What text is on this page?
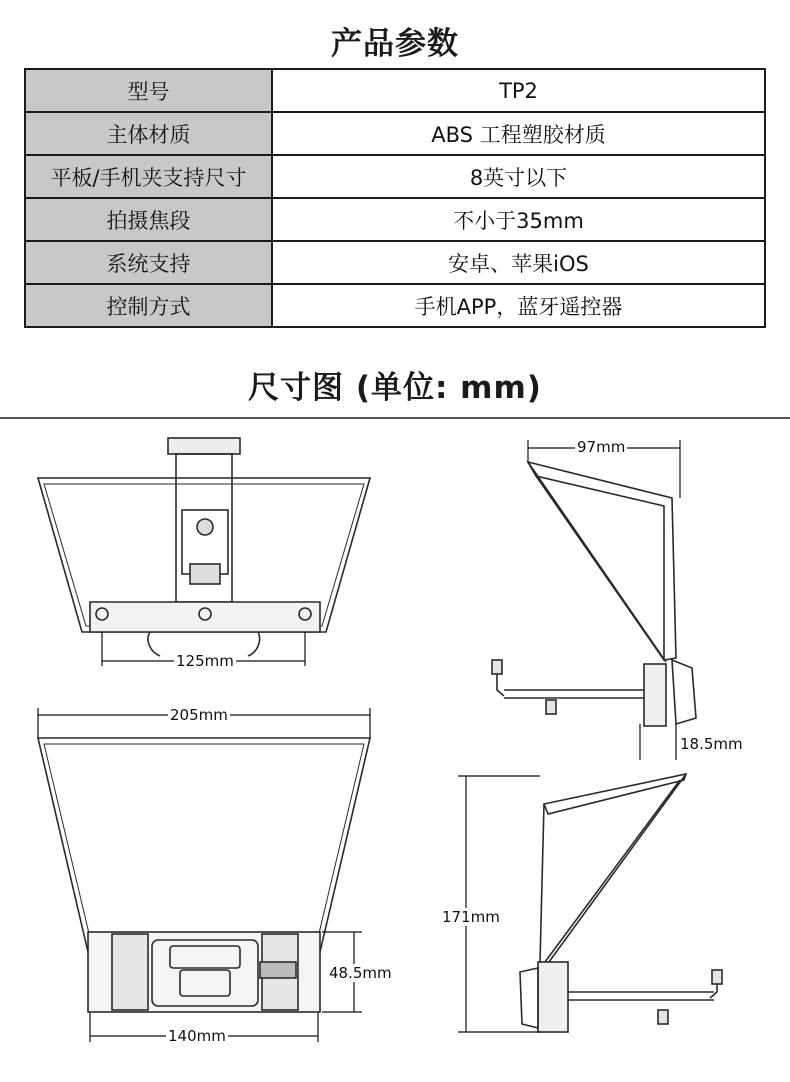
产品参数
型号	TP2
主体材质	ABS 工程塑胶材质
平板/手机夹支持尺寸	8英寸以下
拍摄焦段	不小于35mm
系统支持	安卓、苹果iOS
控制方式	手机APP，蓝牙遥控器
尺寸图 (单位: mm)
125mm
97mm
18.5mm
205mm
171mm
48.5mm
140mm
